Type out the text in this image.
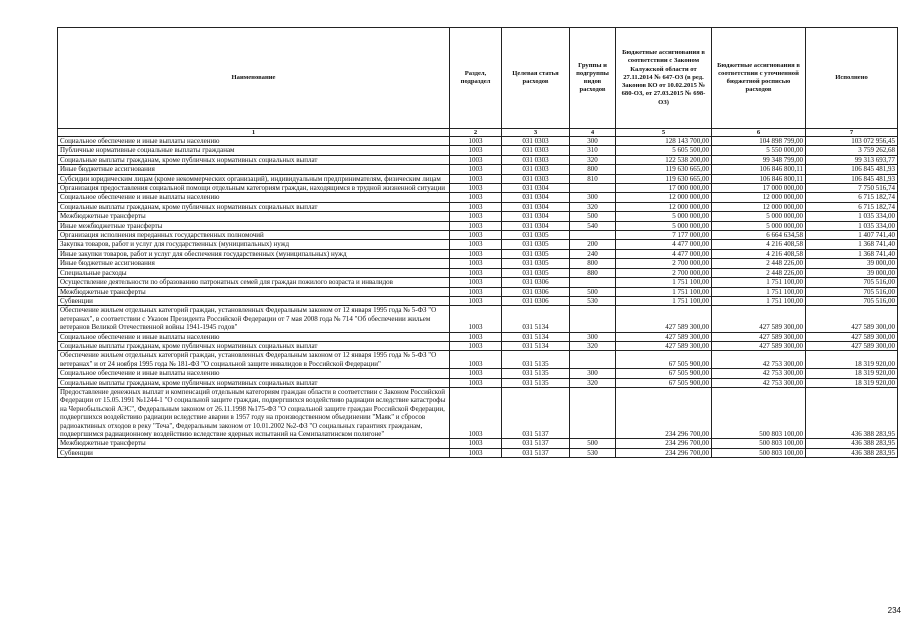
Наименование	Раздел, подраздел	Целевая статья расходов	Группы и подгруппы видов расходов	Бюджетные ассигнования в соответствии с Законом Калужской области от 27.11.2014 № 647-ОЗ (в ред. Законов КО от 10.02.2015 № 680-ОЗ, от 27.03.2015 № 698-ОЗ)	Бюджетные ассигнования в соответствии с уточненной бюджетной росписью расходов	Исполнено
1	2	3	4	5	6	7
Социальное обеспечение и иные выплаты населению	1003	031 0303	300	128 143 700,00	104 898 799,00	103 072 956,45
Публичные нормативные социальные выплаты гражданам	1003	031 0303	310	5 605 500,00	5 550 000,00	3 759 262,68
Социальные выплаты гражданам, кроме публичных нормативных социальных выплат	1003	031 0303	320	122 538 200,00	99 348 799,00	99 313 693,77
Иные бюджетные ассигнования	1003	031 0303	800	119 630 665,00	106 846 800,11	106 845 481,93
Субсидии юридическим лицам (кроме некоммерческих организаций), индивидуальным предпринимателям, физическим лицам	1003	031 0303	810	119 630 665,00	106 846 800,11	106 845 481,93
Организация предоставления социальной помощи отдельным категориям граждан, находящимся в трудной жизненной ситуации	1003	031 0304		17 000 000,00	17 000 000,00	7 750 516,74
Социальное обеспечение и иные выплаты населению	1003	031 0304	300	12 000 000,00	12 000 000,00	6 715 182,74
Социальные выплаты гражданам, кроме публичных нормативных социальных выплат	1003	031 0304	320	12 000 000,00	12 000 000,00	6 715 182,74
Межбюджетные трансферты	1003	031 0304	500	5 000 000,00	5 000 000,00	1 035 334,00
Иные межбюджетные трансферты	1003	031 0304	540	5 000 000,00	5 000 000,00	1 035 334,00
Организация исполнения переданных государственных полномочий	1003	031 0305		7 177 000,00	6 664 634,58	1 407 741,40
Закупка товаров, работ и услуг для государственных (муниципальных) нужд	1003	031 0305	200	4 477 000,00	4 216 408,58	1 368 741,40
Иные закупки товаров, работ и услуг для обеспечения государственных (муниципальных) нужд	1003	031 0305	240	4 477 000,00	4 216 408,58	1 368 741,40
Иные бюджетные ассигнования	1003	031 0305	800	2 700 000,00	2 448 226,00	39 000,00
Специальные расходы	1003	031 0305	880	2 700 000,00	2 448 226,00	39 000,00
Осуществление деятельности по образованию патронатных семей для граждан пожилого возраста и инвалидов	1003	031 0306		1 751 100,00	1 751 100,00	705 516,00
Межбюджетные трансферты	1003	031 0306	500	1 751 100,00	1 751 100,00	705 516,00
Субвенции	1003	031 0306	530	1 751 100,00	1 751 100,00	705 516,00
Обеспечение жильем отдельных категорий граждан, установленных Федеральным законом от 12 января 1995 года № 5-ФЗ "О ветеранах", в соответствии с Указом Президента Российской Федерации от 7 мая 2008 года № 714 "Об обеспечении жильем ветеранов Великой Отечественной войны 1941-1945 годов"	1003	031 5134		427 589 300,00	427 589 300,00	427 589 300,00
Социальное обеспечение и иные выплаты населению	1003	031 5134	300	427 589 300,00	427 589 300,00	427 589 300,00
Социальные выплаты гражданам, кроме публичных нормативных социальных выплат	1003	031 5134	320	427 589 300,00	427 589 300,00	427 589 300,00
Обеспечение жильем отдельных категорий граждан, установленных Федеральным законом от 12 января 1995 года № 5-ФЗ "О ветеранах" и от 24 ноября 1995 года № 181-ФЗ "О социальной защите инвалидов в Российской Федерации"	1003	031 5135		67 505 900,00	42 753 300,00	18 319 920,00
Социальное обеспечение и иные выплаты населению	1003	031 5135	300	67 505 900,00	42 753 300,00	18 319 920,00
Социальные выплаты гражданам, кроме публичных нормативных социальных выплат	1003	031 5135	320	67 505 900,00	42 753 300,00	18 319 920,00
Предоставление денежных выплат и компенсаций отдельным категориям граждан области в соответствии с Законом Российской Федерации от 15.05.1991 №1244-1 "О социальной защите граждан, подвергшихся воздействию радиации вследствие катастрофы на Чернобыльской АЭС", Федеральным законом от 26.11.1998 №175-ФЗ "О социальной защите граждан Российской Федерации, подвергшихся воздействию радиации вследствие аварии в 1957 году на производственном объединении "Маяк" и сбросов радиоактивных отходов в реку "Теча", Федеральным законом от 10.01.2002 №2-ФЗ "О социальных гарантиях гражданам, подвергшимся радиационному воздействию вследствие ядерных испытаний на Семипалатинском полигоне"	1003	031 5137		234 296 700,00	500 803 100,00	436 388 283,95
Межбюджетные трансферты	1003	031 5137	500	234 296 700,00	500 803 100,00	436 388 283,95
Субвенции	1003	031 5137	530	234 296 700,00	500 803 100,00	436 388 283,95
234
